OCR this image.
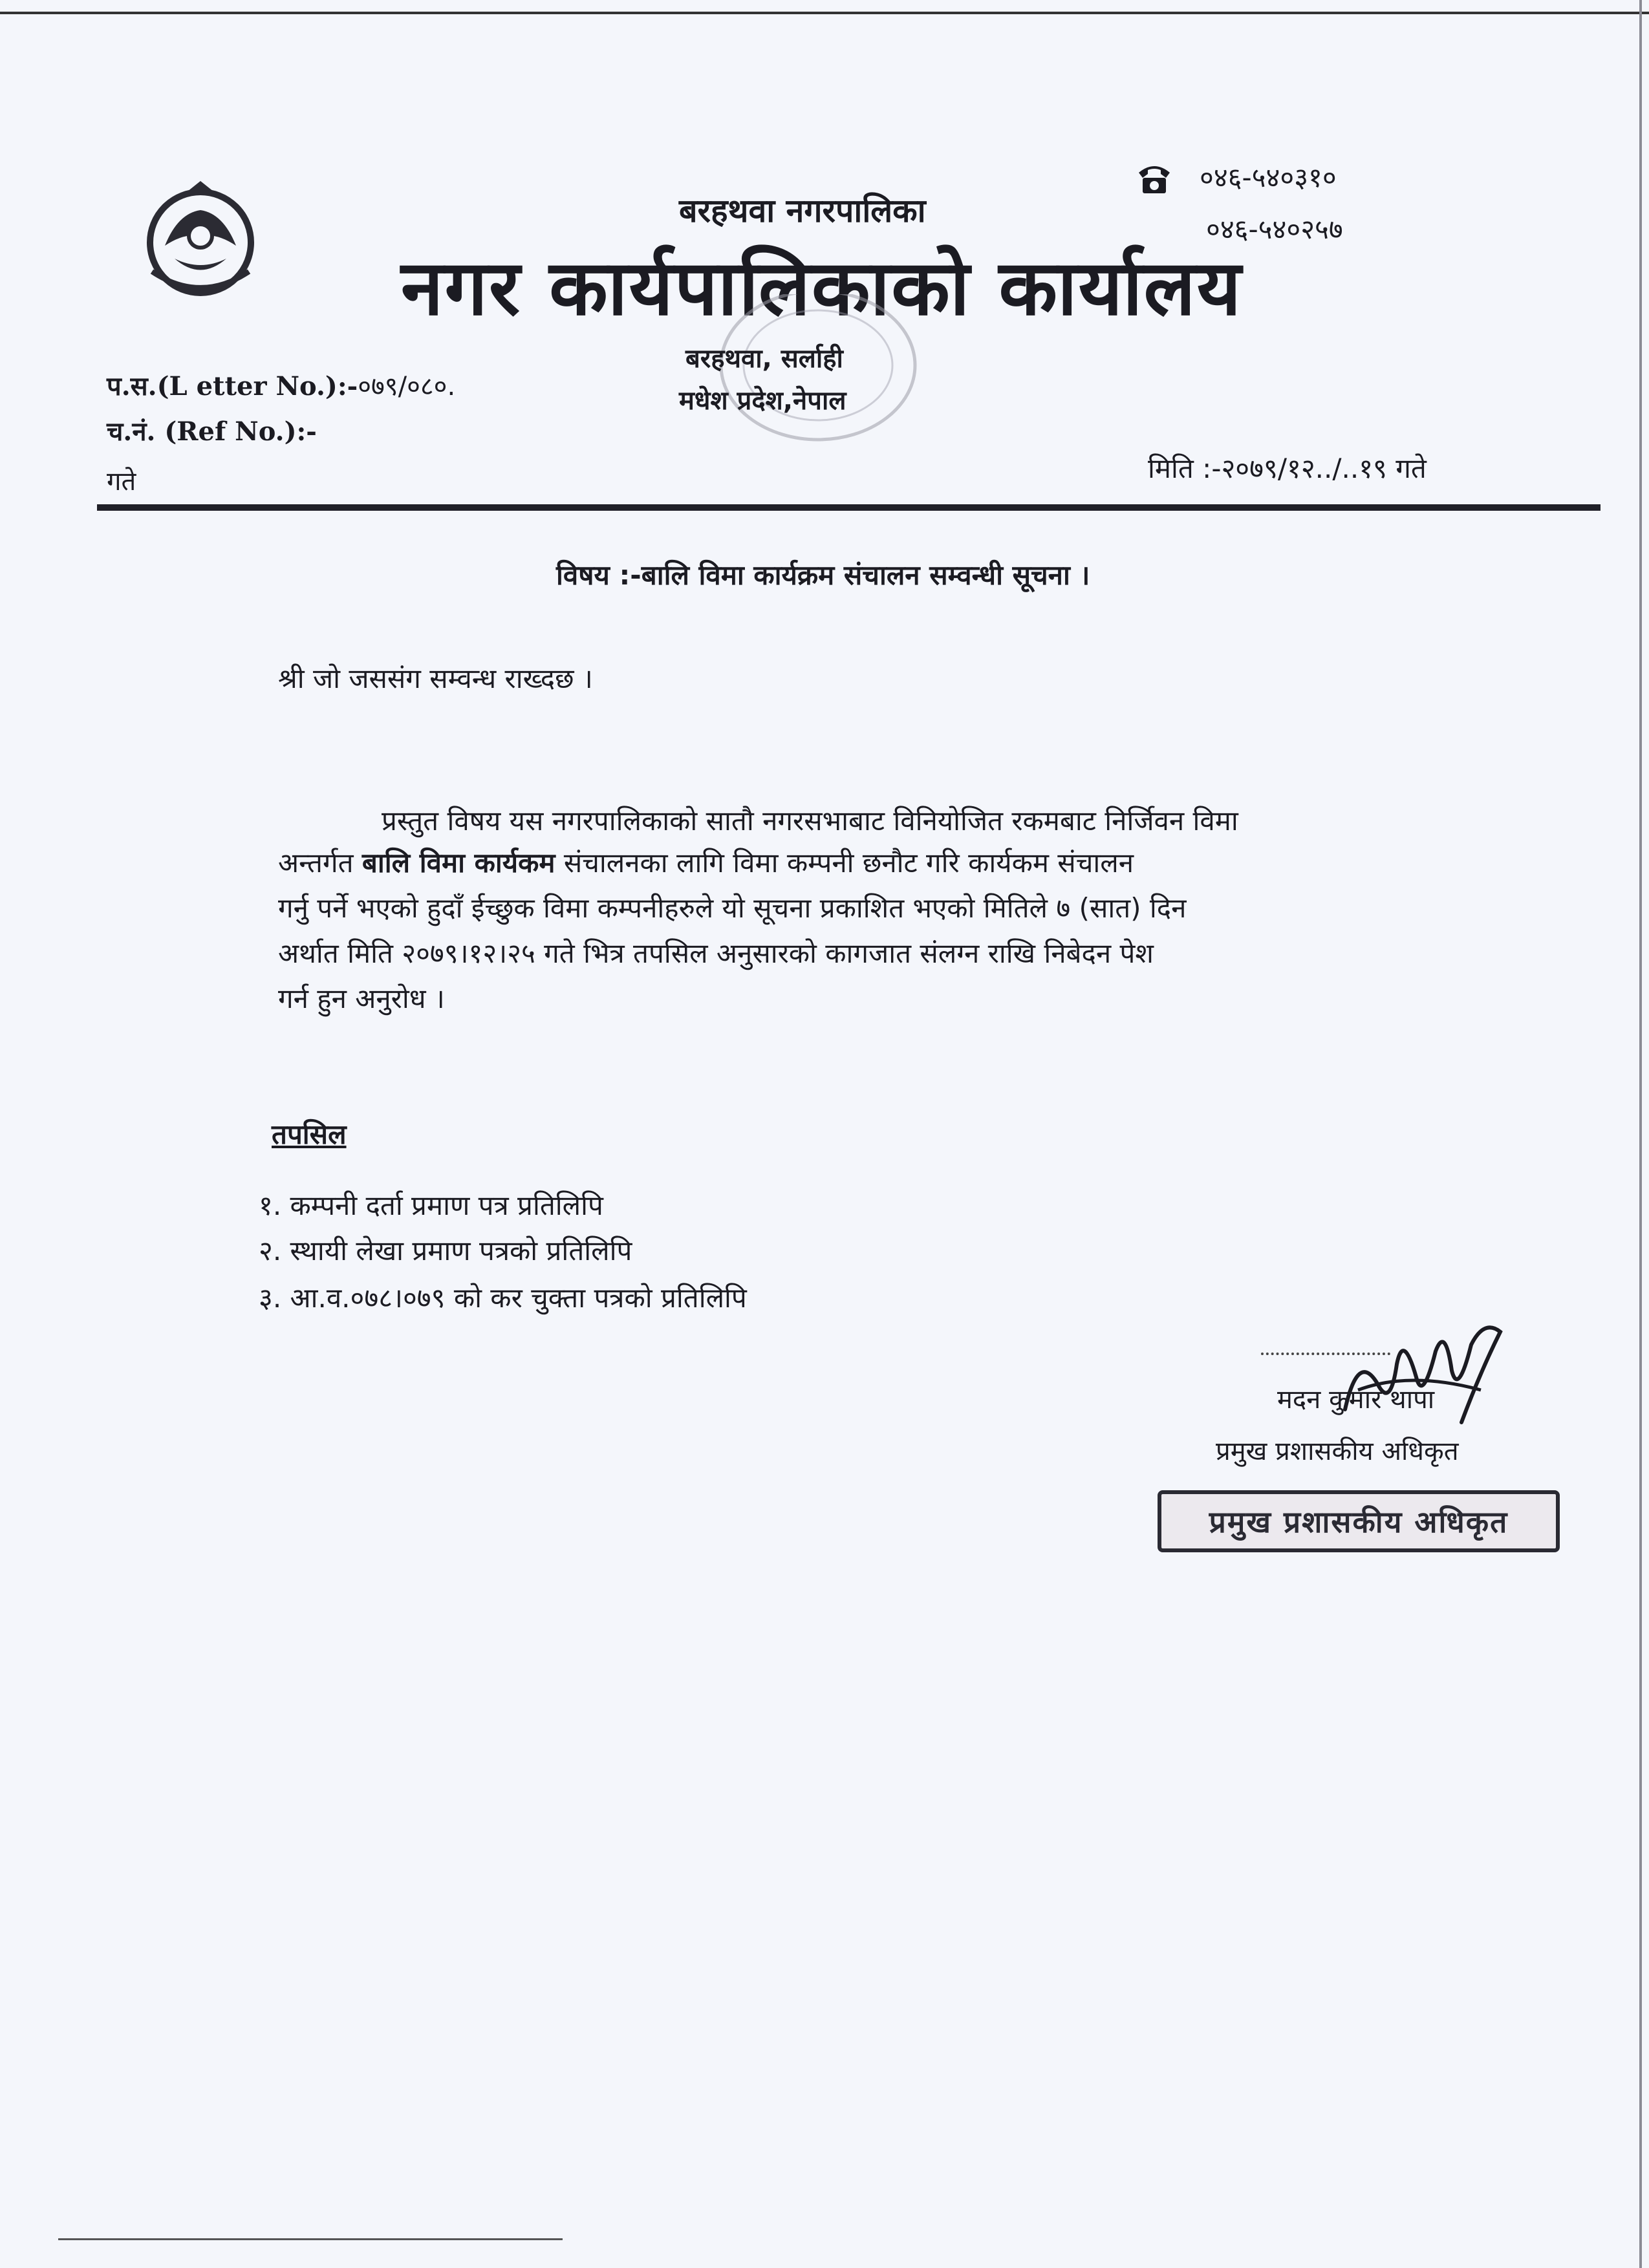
बरहथवा नगरपालिका
नगर कार्यपालिकाको कार्यालय
बरहथवा, सर्लाही
मधेश प्रदेश,नेपाल
०४६-५४०३१०
०४६-५४०२५७
प.स.(L etter No.):-०७९/०८०.
च.नं. (Ref No.):-
गते	मिति :-२०७९/१२../..१९ गते
विषय :-बालि विमा कार्यक्रम संचालन सम्वन्धी सूचना ।
श्री जो जससंग सम्वन्ध राख्दछ ।
प्रस्तुत विषय यस नगरपालिकाको सातौ नगरसभाबाट विनियोजित रकमबाट निर्जिवन विमा
अन्तर्गत बालि विमा कार्यकम संचालनका लागि विमा कम्पनी छनौट गरि कार्यकम संचालन
गर्नु पर्ने भएको हुदाँ ईच्छुक विमा कम्पनीहरुले यो सूचना प्रकाशित भएको मितिले ७ (सात) दिन
अर्थात मिति २०७९।१२।२५ गते भित्र तपसिल अनुसारको कागजात संलग्न राखि निबेदन पेश
गर्न हुन अनुरोध ।
तपसिल
१. कम्पनी दर्ता प्रमाण पत्र प्रतिलिपि
२. स्थायी लेखा प्रमाण पत्रको प्रतिलिपि
३. आ.व.०७८।०७९ को कर चुक्ता पत्रको प्रतिलिपि
मदन कुमार थापा
प्रमुख प्रशासकीय अधिकृत
प्रमुख प्रशासकीय अधिकृत
